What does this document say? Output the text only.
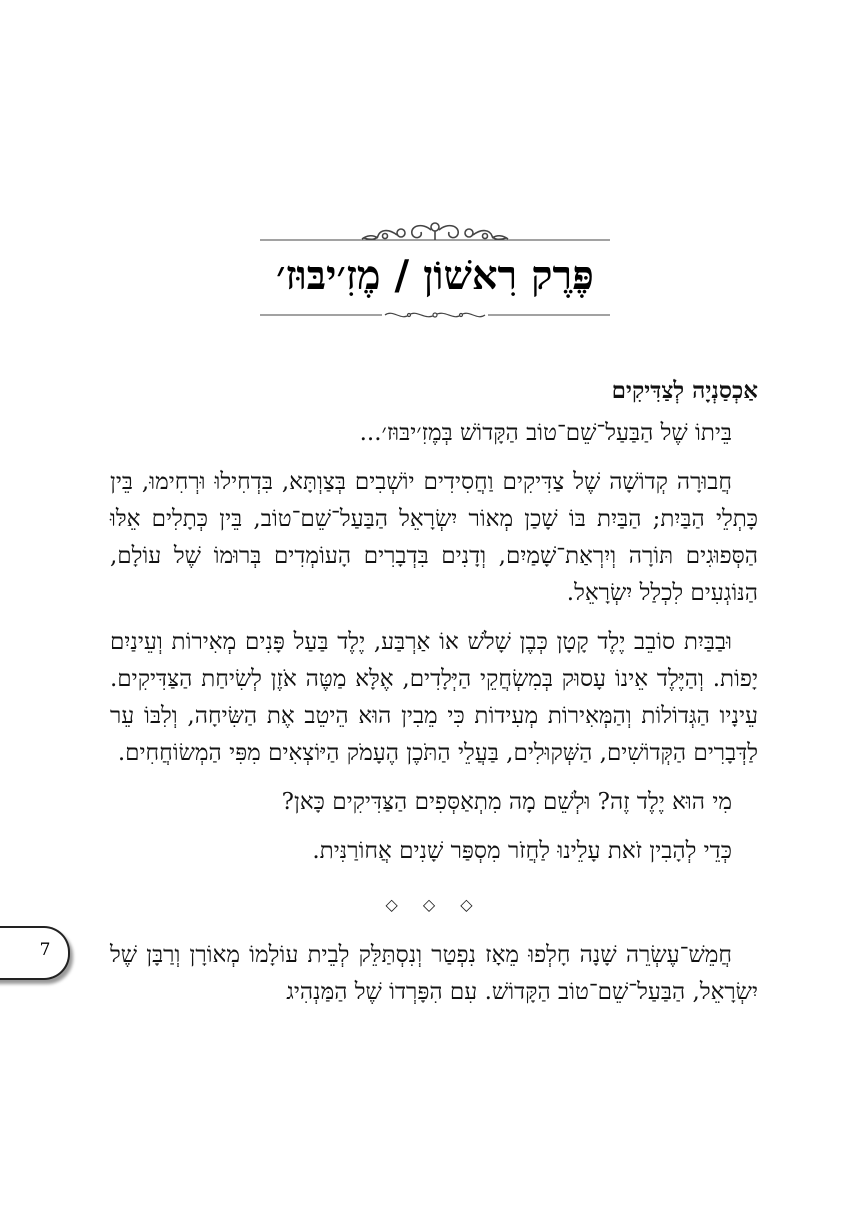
פֶּרֶק רִאשׁוֹן / מֶזִ׳יבּוּז׳
אַכְסַנְיָה לְצַדִּיקִים

בֵּיתוֹ שֶׁל הַבַּעַל־שֵׁם־טוֹב הַקָּדוֹשׁ בְּמֶזִ׳יבּוּז׳...

חֲבוּרָה קְדוֹשָׁה שֶׁל צַדִּיקִים וַחֲסִידִים יוֹשְׁבִים בְּצַוְתָּא, בִּדְחִילוּ וּרְחִימוּ, בֵּין כָּתְלֵי הַבַּיִת; הַבַּיִת בּוֹ שָׁכַן מְאוֹר יִשְׂרָאֵל הַבַּעַל־שֵׁם־טוֹב, בֵּין כְּתָלִים אֵלּוּ הַסְּפוּגִים תּוֹרָה וְיִרְאַת־שָׁמַיִם, וְדָנִים בִּדְבָרִים הָעוֹמְדִים בְּרוּמוֹ שֶׁל עוֹלָם, הַנּוֹגְעִים לִכְלַל יִשְׂרָאֵל.

וּבַבַּיִת סוֹבֵב יֶלֶד קָטָן כְּבֶן שָׁלֹשׁ אוֹ אַרְבַּע, יֶלֶד בַּעַל פָּנִים מְאִירוֹת וְעֵינַיִם יָפוֹת. וְהַיֶּלֶד אֵינוֹ עָסוּק בְּמִשְׂחֲקֵי הַיְּלָדִים, אֶלָּא מַטֶּה אֹזֶן לְשִׂיחַת הַצַּדִּיקִים. עֵינָיו הַגְּדוֹלוֹת וְהַמְּאִירוֹת מְעִידוֹת כִּי מֵבִין הוּא הֵיטֵב אֶת הַשִּׂיחָה, וְלִבּוֹ עֵר לַדְּבָרִים הַקְּדוֹשִׁים, הַשְּׁקוּלִים, בַּעֲלֵי הַתֹּכֶן הֶעָמֹק הַיּוֹצְאִים מִפִּי הַמְשׂוֹחֲחִים.

מִי הוּא יֶלֶד זֶה? וּלְשֵׁם מָה מִתְאַסְּפִים הַצַּדִּיקִים כָּאן?

כְּדֵי לְהָבִין זֹאת עָלֵינוּ לַחֲזֹר מִסְפַּר שָׁנִים אֲחוֹרַנִּית.

◇ ◇ ◇

חֲמֵשׁ־עֶשְׂרֵה שָׁנָה חָלְפוּ מֵאָז נִפְטַר וְנִסְתַּלֵּק לְבֵית עוֹלָמוֹ מְאוֹרָן וְרַבָּן שֶׁל יִשְׂרָאֵל, הַבַּעַל־שֵׁם־טוֹב הַקָּדוֹשׁ. עִם הִפָּרְדוֹ שֶׁל הַמַּנְהִיג

7
